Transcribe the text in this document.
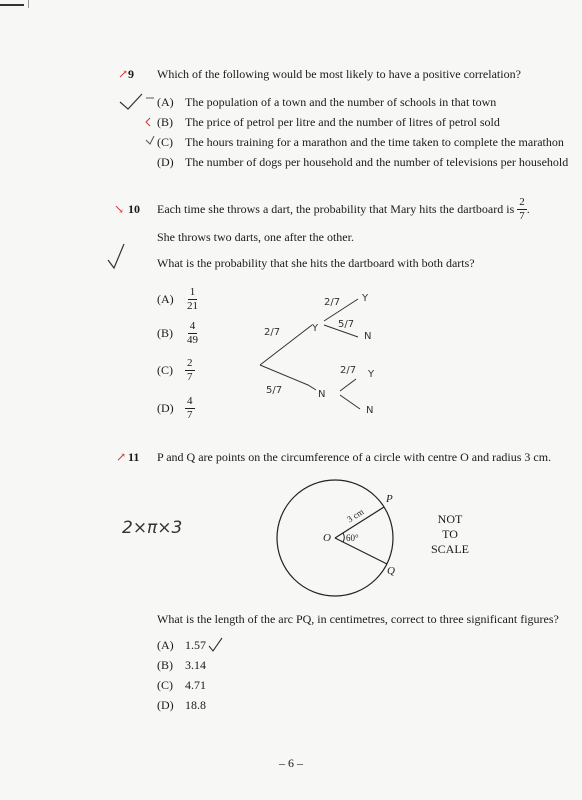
↗ 9 Which of the following would be most likely to have a positive correlation?
(A) The population of a town and the number of schools in that town
(B) The price of petrol per litre and the number of litres of petrol sold
(C) The hours training for a marathon and the time taken to complete the marathon
(D) The number of dogs per household and the number of televisions per household
↘ 10 Each time she throws a dart, the probability that Mary hits the dartboard is
$\frac{2}{7}$ .
She throws two darts, one after the other.
What is the probability that she hits the dartboard with both darts?
(A)	$\frac{1}{21}$
(B)	$\frac{4}{49}$
(C)	$\frac{2}{7}$
(D)	$\frac{4}{7}$
2/7
5/7
Y
N
2/7
5/7
Y
N
2/7 Y
N
↗ 11 P and Q are points on the circumference of a circle with centre O and radius 3 cm.
2×π×3	O
P
Q
60°
3 cm	NOT
TO
SCALE
What is the length of the arc PQ, in centimetres, correct to three significant figures?
(A) 1.57
(B) 3.14
(C) 4.71
(D) 18.8
– 6 –
